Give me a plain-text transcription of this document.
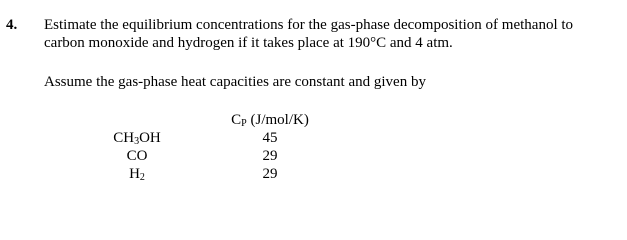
4. Estimate the equilibrium concentrations for the gas-phase decomposition of methanol to
carbon monoxide and hydrogen if it takes place at 190°C and 4 atm.
Assume the gas-phase heat capacities are constant and given by
CH3OH
CO
H2
CP (J/mol/K)
45
29
29
